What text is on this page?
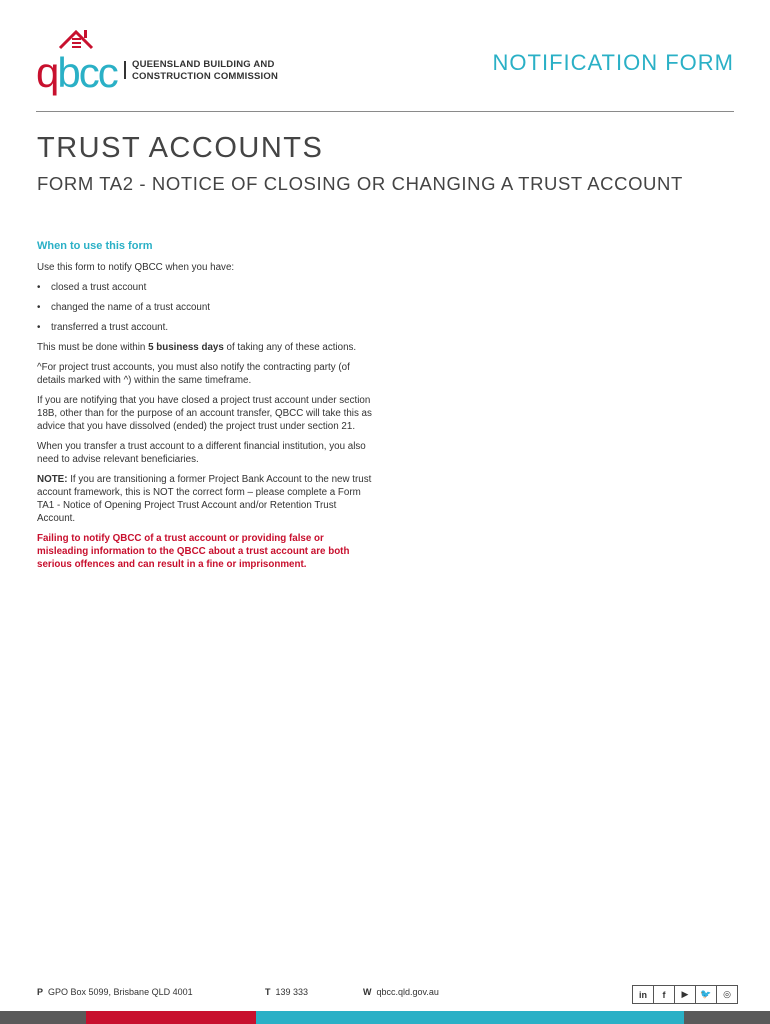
qbcc QUEENSLAND BUILDING AND
CONSTRUCTION COMMISSION
NOTIFICATION FORM
TRUST ACCOUNTS
FORM TA2 - NOTICE OF CLOSING OR CHANGING A TRUST ACCOUNT

When to use this form

Use this form to notify QBCC when you have:

• closed a trust account
• changed the name of a trust account
• transferred a trust account.

This must be done within 5 business days of taking any of these actions.

^For project trust accounts, you must also notify the contracting party (of details marked with ^) within the same timeframe.

If you are notifying that you have closed a project trust account under section 18B, other than for the purpose of an account transfer, QBCC will take this as advice that you have dissolved (ended) the project trust under section 21.

When you transfer a trust account to a different financial institution, you also need to advise relevant beneficiaries.

NOTE: If you are transitioning a former Project Bank Account to the new trust account framework, this is NOT the correct form – please complete a Form TA1 - Notice of Opening Project Trust Account and/or Retention Trust Account.

Failing to notify QBCC of a trust account or providing false or misleading information to the QBCC about a trust account are both serious offences and can result in a fine or imprisonment.

P GPO Box 5099, Brisbane QLD 4001	T 139 333	W qbcc.qld.gov.au	in	f	▶	🐦	◎
